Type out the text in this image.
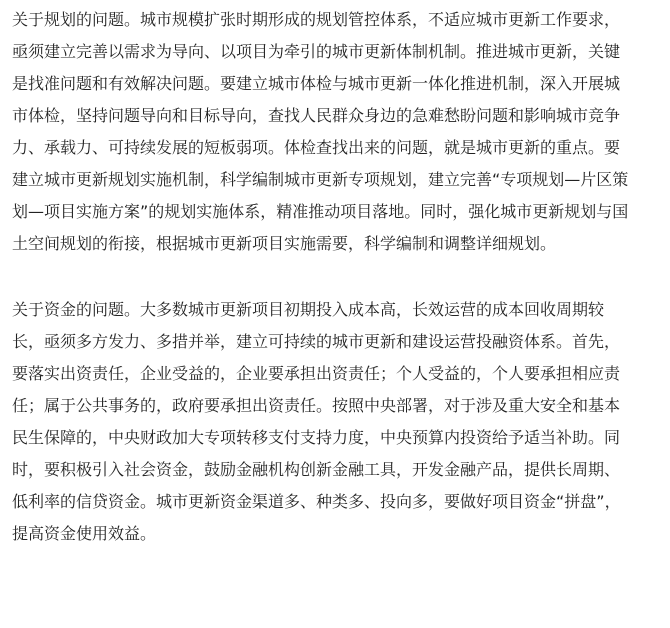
关于规划的问题。城市规模扩张时期形成的规划管控体系，不适应城市更新工作要求，
亟须建立完善以需求为导向、以项目为牵引的城市更新体制机制。推进城市更新，关键
是找准问题和有效解决问题。要建立城市体检与城市更新一体化推进机制，深入开展城
市体检，坚持问题导向和目标导向，查找人民群众身边的急难愁盼问题和影响城市竞争
力、承载力、可持续发展的短板弱项。体检查找出来的问题，就是城市更新的重点。要
建立城市更新规划实施机制，科学编制城市更新专项规划，建立完善“专项规划—片区策
划—项目实施方案”的规划实施体系，精准推动项目落地。同时，强化城市更新规划与国
土空间规划的衔接，根据城市更新项目实施需要，科学编制和调整详细规划。
关于资金的问题。大多数城市更新项目初期投入成本高，长效运营的成本回收周期较
长，亟须多方发力、多措并举，建立可持续的城市更新和建设运营投融资体系。首先，
要落实出资责任，企业受益的，企业要承担出资责任；个人受益的，个人要承担相应责
任；属于公共事务的，政府要承担出资责任。按照中央部署，对于涉及重大安全和基本
民生保障的，中央财政加大专项转移支付支持力度，中央预算内投资给予适当补助。同
时，要积极引入社会资金，鼓励金融机构创新金融工具，开发金融产品，提供长周期、
低利率的信贷资金。城市更新资金渠道多、种类多、投向多，要做好项目资金“拼盘”，
提高资金使用效益。
